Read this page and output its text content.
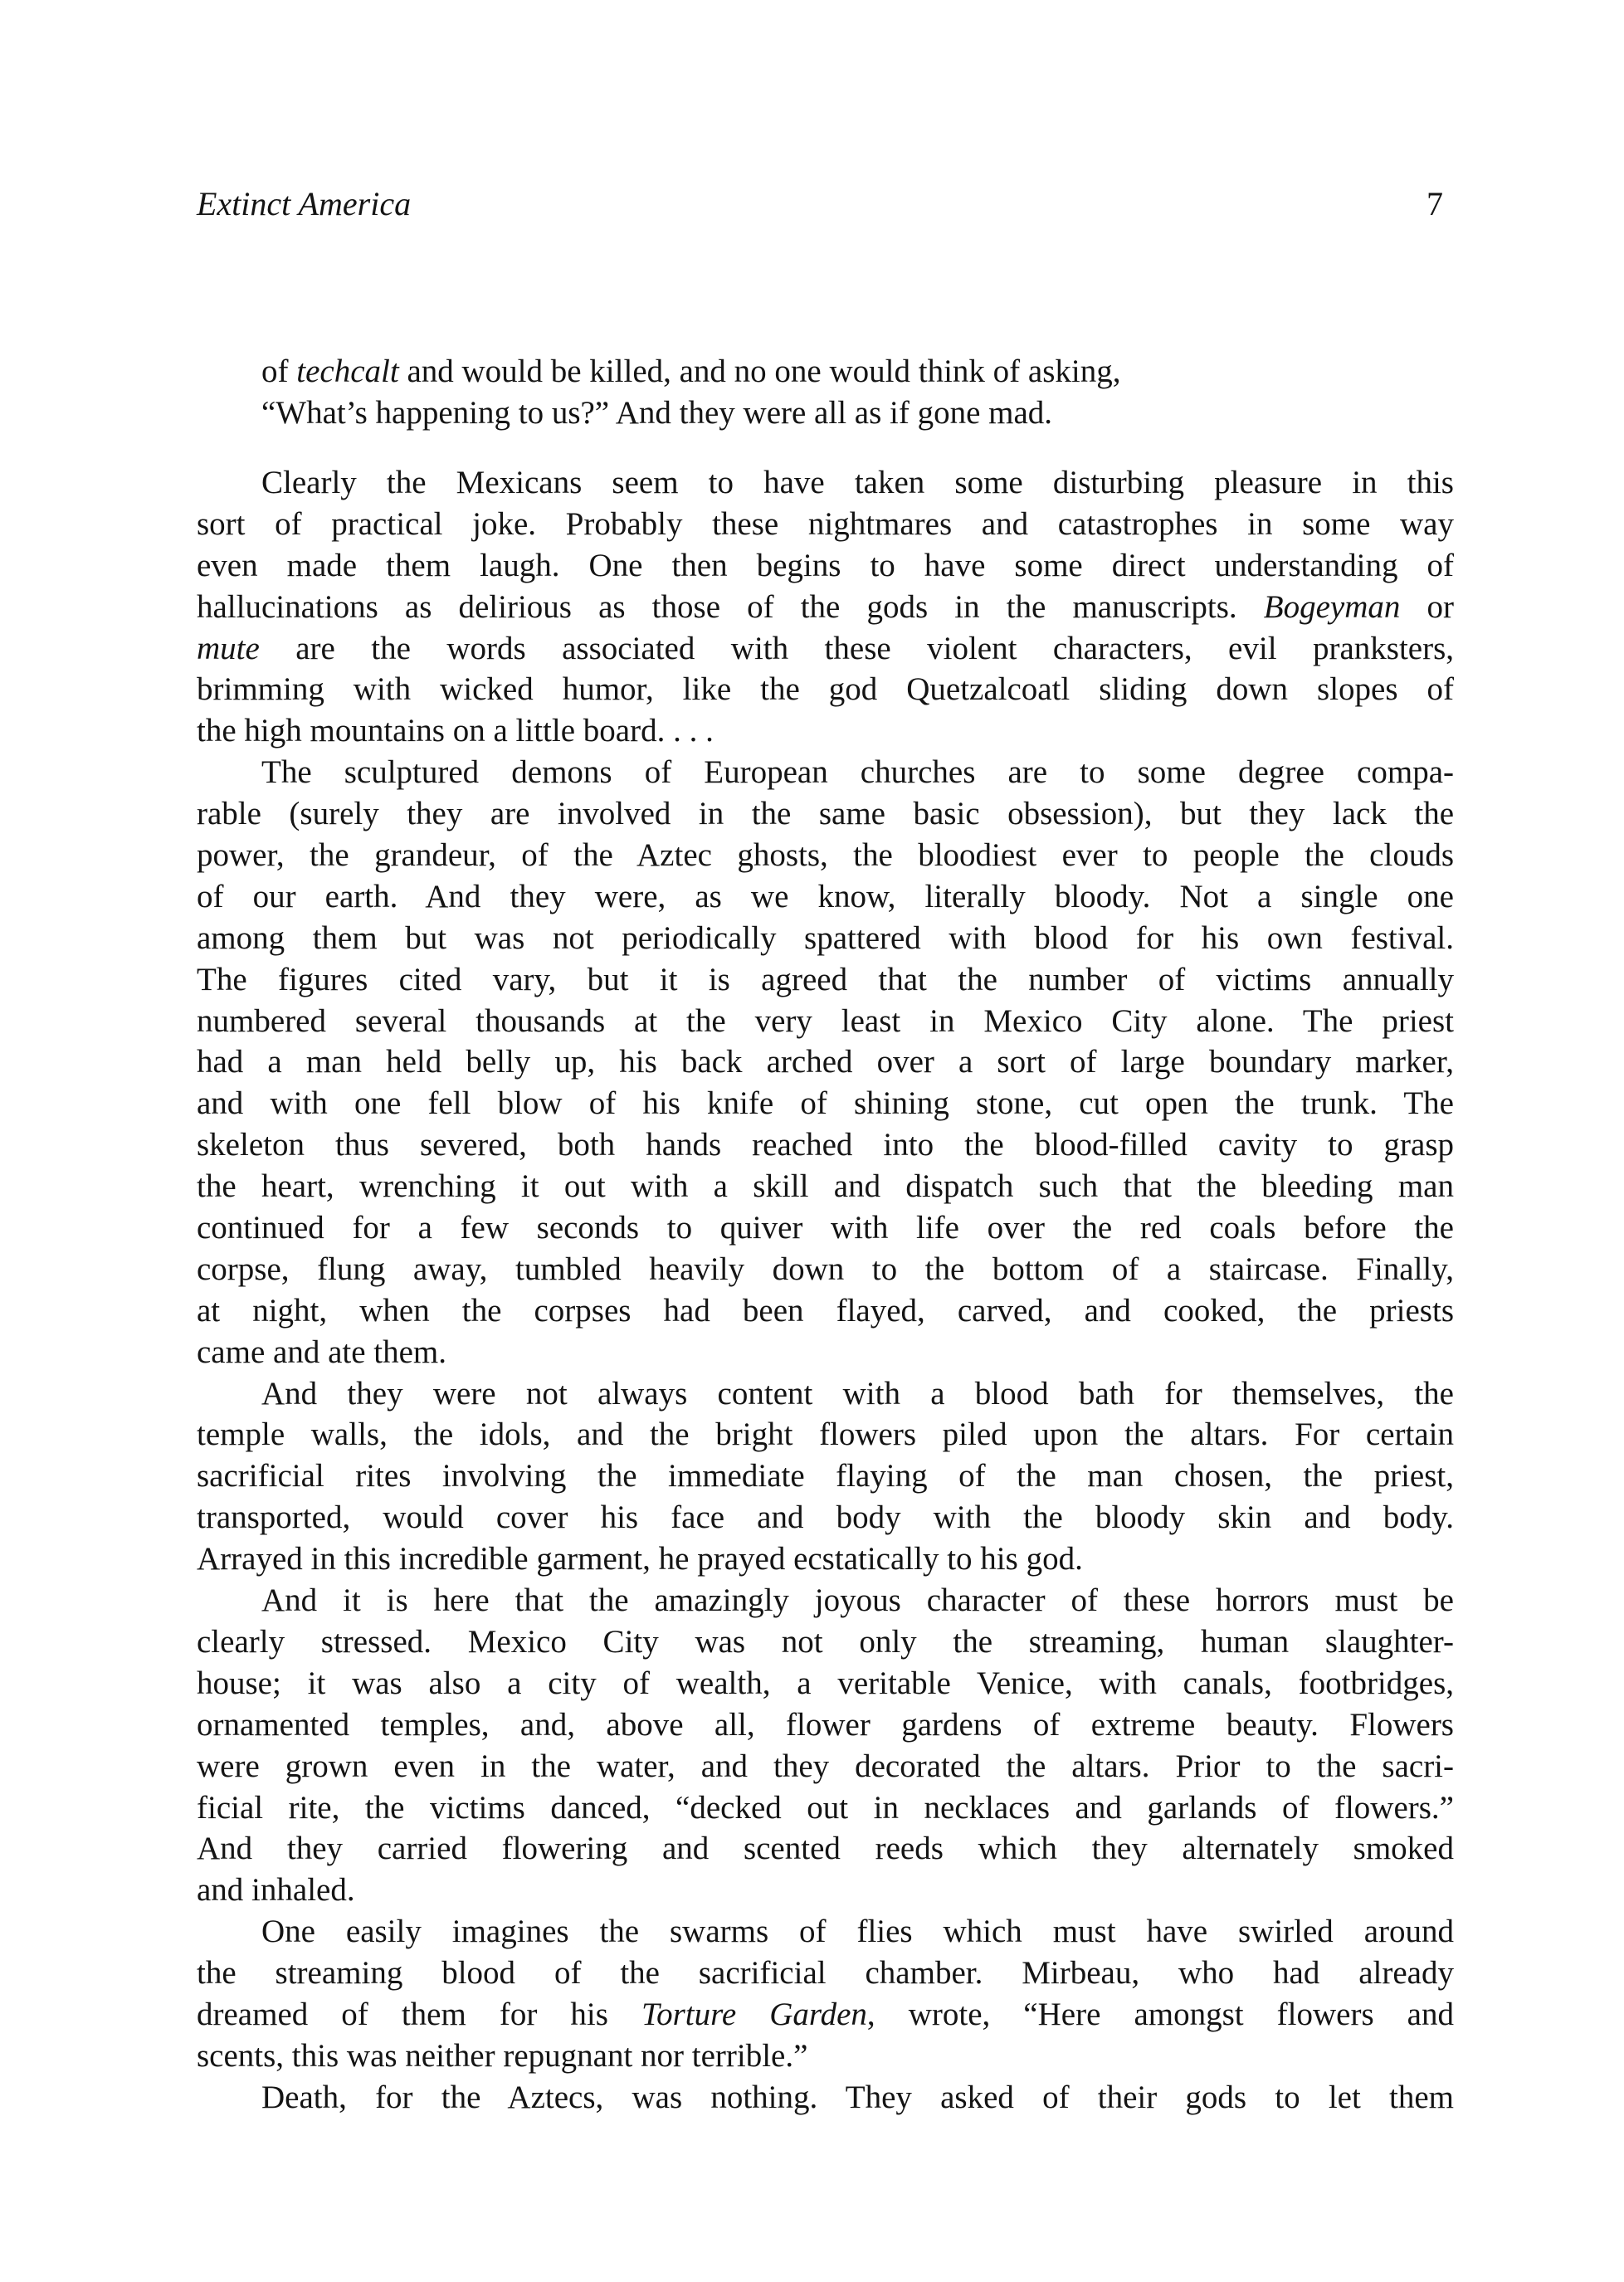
Extinct America	7
of techcalt and would be killed, and no one would think of asking,
“What’s happening to us?” And they were all as if gone mad.
Clearly the Mexicans seem to have taken some disturbing pleasure in this
sort of practical joke. Probably these nightmares and catastrophes in some way
even made them laugh. One then begins to have some direct understanding of
hallucinations as delirious as those of the gods in the manuscripts. Bogeyman or
mute are the words associated with these violent characters, evil pranksters,
brimming with wicked humor, like the god Quetzalcoatl sliding down slopes of
the high mountains on a little board. . . .
The sculptured demons of European churches are to some degree compa-
rable (surely they are involved in the same basic obsession), but they lack the
power, the grandeur, of the Aztec ghosts, the bloodiest ever to people the clouds
of our earth. And they were, as we know, literally bloody. Not a single one
among them but was not periodically spattered with blood for his own festival.
The figures cited vary, but it is agreed that the number of victims annually
numbered several thousands at the very least in Mexico City alone. The priest
had a man held belly up, his back arched over a sort of large boundary marker,
and with one fell blow of his knife of shining stone, cut open the trunk. The
skeleton thus severed, both hands reached into the blood-filled cavity to grasp
the heart, wrenching it out with a skill and dispatch such that the bleeding man
continued for a few seconds to quiver with life over the red coals before the
corpse, flung away, tumbled heavily down to the bottom of a staircase. Finally,
at night, when the corpses had been flayed, carved, and cooked, the priests
came and ate them.
And they were not always content with a blood bath for themselves, the
temple walls, the idols, and the bright flowers piled upon the altars. For certain
sacrificial rites involving the immediate flaying of the man chosen, the priest,
transported, would cover his face and body with the bloody skin and body.
Arrayed in this incredible garment, he prayed ecstatically to his god.
And it is here that the amazingly joyous character of these horrors must be
clearly stressed. Mexico City was not only the streaming, human slaughter-
house; it was also a city of wealth, a veritable Venice, with canals, footbridges,
ornamented temples, and, above all, flower gardens of extreme beauty. Flowers
were grown even in the water, and they decorated the altars. Prior to the sacri-
ficial rite, the victims danced, “decked out in necklaces and garlands of flowers.”
And they carried flowering and scented reeds which they alternately smoked
and inhaled.
One easily imagines the swarms of flies which must have swirled around
the streaming blood of the sacrificial chamber. Mirbeau, who had already
dreamed of them for his Torture Garden, wrote, “Here amongst flowers and
scents, this was neither repugnant nor terrible.”
Death, for the Aztecs, was nothing. They asked of their gods to let them
